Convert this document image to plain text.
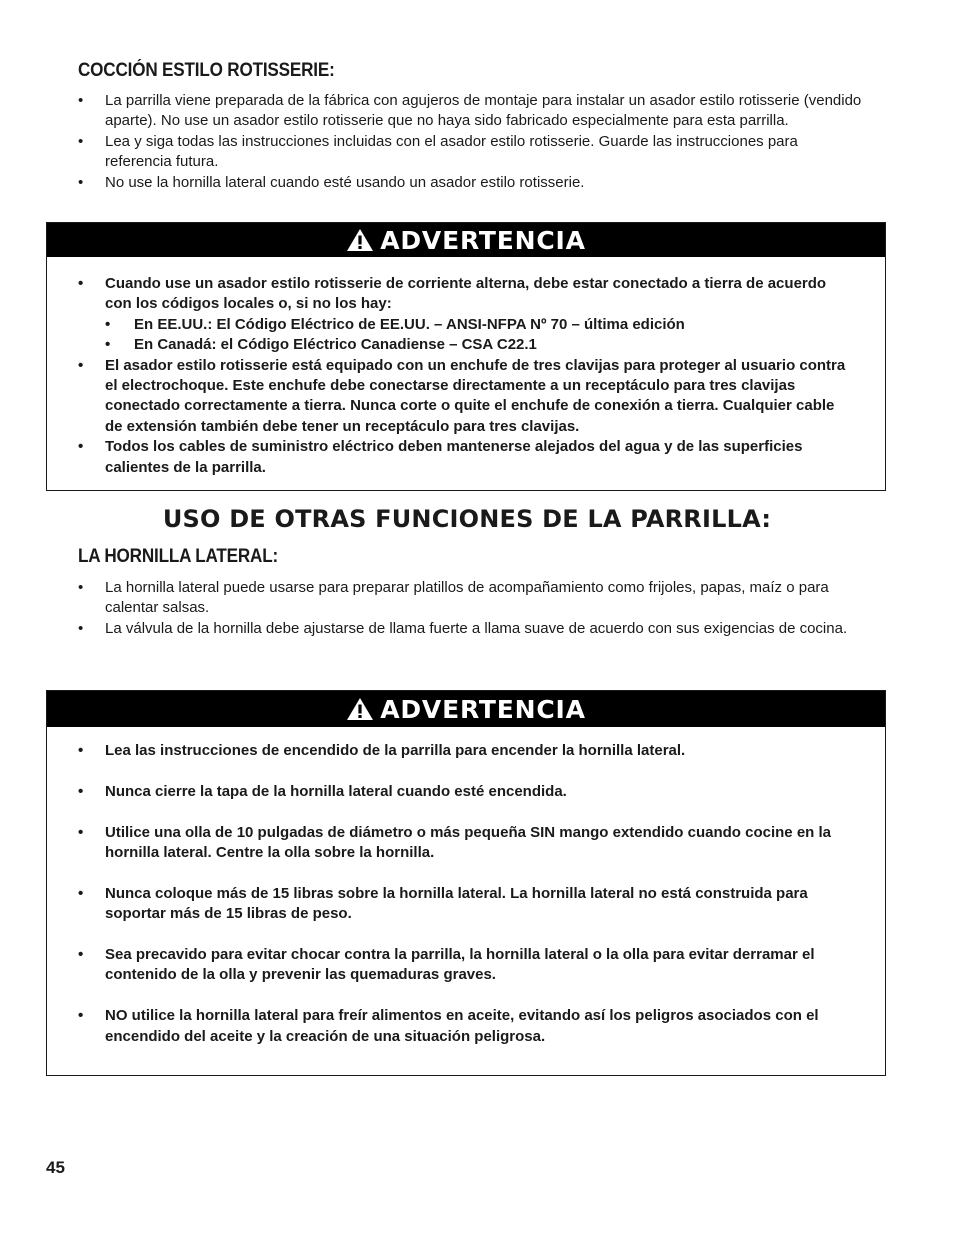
COCCIÓN ESTILO ROTISSERIE:
• La parrilla viene preparada de la fábrica con agujeros de montaje para instalar un asador estilo rotisserie (vendido aparte). No use un asador estilo rotisserie que no haya sido fabricado especialmente para esta parrilla.
• Lea y siga todas las instrucciones incluidas con el asador estilo rotisserie. Guarde las instrucciones para referencia futura.
• No use la hornilla lateral cuando esté usando un asador estilo rotisserie.
ADVERTENCIA
• Cuando use un asador estilo rotisserie de corriente alterna, debe estar conectado a tierra de acuerdo con los códigos locales o, si no los hay:
• En EE.UU.: El Código Eléctrico de EE.UU. – ANSI-NFPA Nº 70 – última edición
• En Canadá: el Código Eléctrico Canadiense – CSA C22.1
• El asador estilo rotisserie está equipado con un enchufe de tres clavijas para proteger al usuario contra el electrochoque. Este enchufe debe conectarse directamente a un receptáculo para tres clavijas conectado correctamente a tierra. Nunca corte o quite el enchufe de conexión a tierra. Cualquier cable de extensión también debe tener un receptáculo para tres clavijas.
• Todos los cables de suministro eléctrico deben mantenerse alejados del agua y de las superficies calientes de la parrilla.
USO DE OTRAS FUNCIONES DE LA PARRILLA:
LA HORNILLA LATERAL:
• La hornilla lateral puede usarse para preparar platillos de acompañamiento como frijoles, papas, maíz o para calentar salsas.
• La válvula de la hornilla debe ajustarse de llama fuerte a llama suave de acuerdo con sus exigencias de cocina.
ADVERTENCIA
• Lea las instrucciones de encendido de la parrilla para encender la hornilla lateral.
• Nunca cierre la tapa de la hornilla lateral cuando esté encendida.
• Utilice una olla de 10 pulgadas de diámetro o más pequeña SIN mango extendido cuando cocine en la hornilla lateral. Centre la olla sobre la hornilla.
• Nunca coloque más de 15 libras sobre la hornilla lateral. La hornilla lateral no está construida para soportar más de 15 libras de peso.
• Sea precavido para evitar chocar contra la parrilla, la hornilla lateral o la olla para evitar derramar el contenido de la olla y prevenir las quemaduras graves.
• NO utilice la hornilla lateral para freír alimentos en aceite, evitando así los peligros asociados con el encendido del aceite y la creación de una situación peligrosa.
45
